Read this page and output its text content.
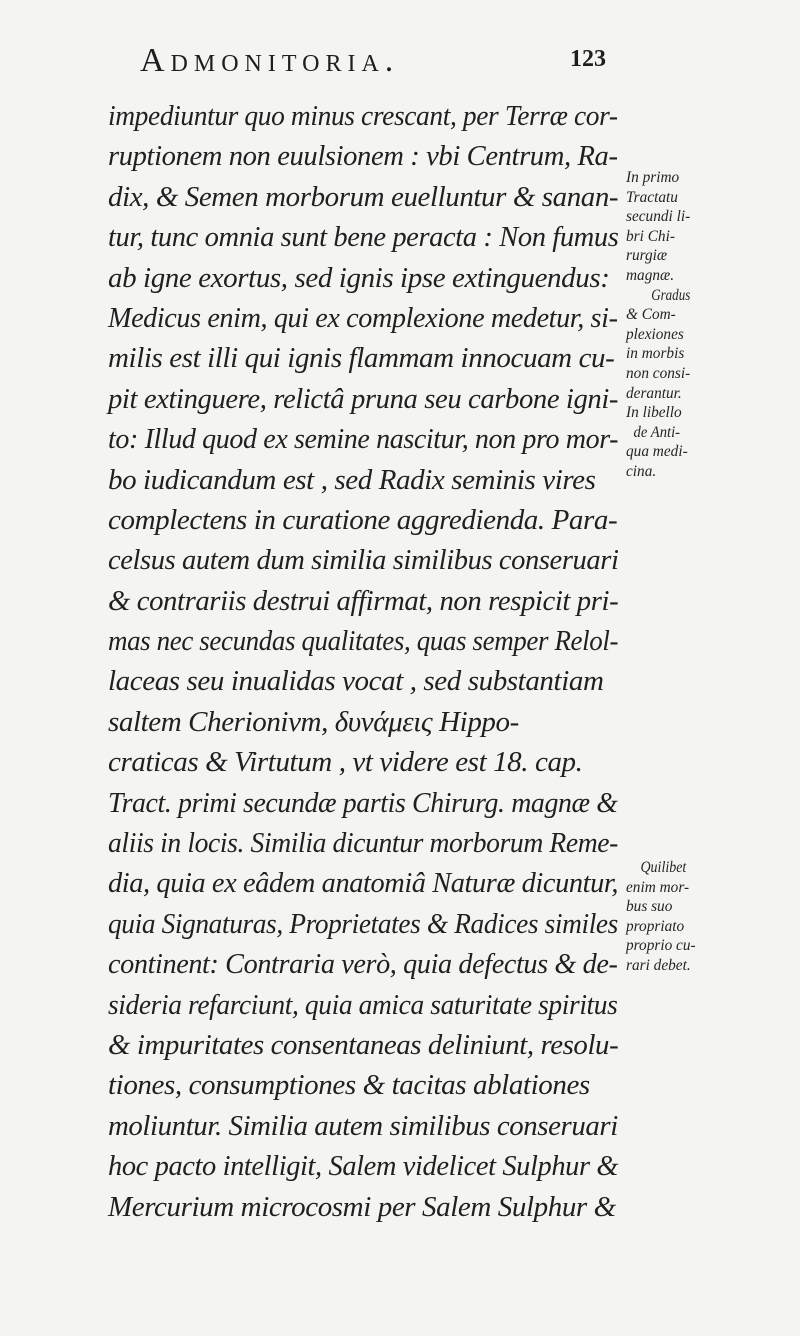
Admonitoria.	123
impediuntur quo minus crescant, per Terræ cor-
ruptionem non euulsionem : vbi Centrum, Ra-
dix, & Semen morborum euelluntur & sanan-
tur, tunc omnia sunt bene peracta : Non fumus
ab igne exortus, sed ignis ipse extinguendus:
Medicus enim, qui ex complexione medetur, si-
milis est illi qui ignis flammam innocuam cu-
pit extinguere, relictâ pruna seu carbone igni-
to: Illud quod ex semine nascitur, non pro mor-
bo iudicandum est , sed Radix seminis vires
complectens in curatione aggredienda. Para-
celsus autem dum similia similibus conseruari
& contrariis destrui affirmat, non respicit pri-
mas nec secundas qualitates, quas semper Relol-
laceas seu inualidas vocat , sed substantiam
saltem Cherionivm, δυνάμεις Hippo-
craticas & Virtutum , vt videre est 18. cap.
Tract. primi secundæ partis Chirurg. magnæ &
aliis in locis. Similia dicuntur morborum Reme-
dia, quia ex eâdem anatomiâ Naturæ dicuntur,
quia Signaturas, Proprietates & Radices similes
continent: Contraria verò, quia defectus & de-
sideria refarciunt, quia amica saturitate spiritus
& impuritates consentaneas deliniunt, resolu-
tiones, consumptiones & tacitas ablationes
moliuntur. Similia autem similibus conseruari
hoc pacto intelligit, Salem videlicet Sulphur &
Mercurium microcosmi per Salem Sulphur &
In primo
Tractatu
secundi li-
bri Chi-
rurgiæ
magnæ.
Gradus
& Com-
plexiones
in morbis
non consi-
derantur.
In libello
de Anti-
qua medi-
cina.
Quilibet
enim mor-
bus suo
propriato
proprio cu-
rari debet.
